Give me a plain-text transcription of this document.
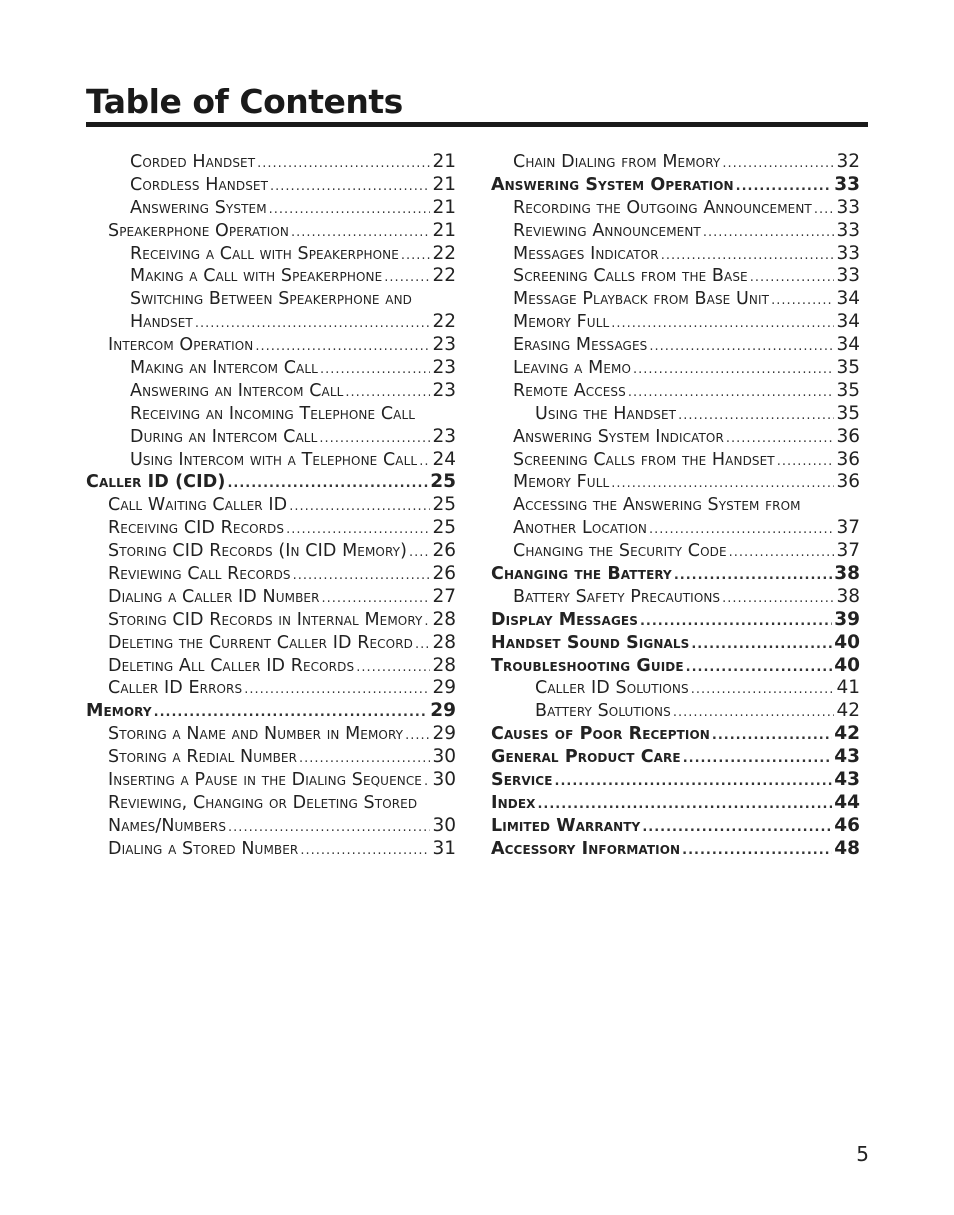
Table of Contents
Corded Handset .....	21
Cordless Handset .....	21
Answering System .....	21
Speakerphone Operation .....	21
Receiving a Call with Speakerphone ..... 22
Making a Call with Speakerphone .....	22
Switching Between Speakerphone and
Handset .....	22
Intercom Operation .....	23
Making an Intercom Call .....	23
Answering an Intercom Call .....	23
Receiving an Incoming Telephone Call
During an Intercom Call .....	23
Using Intercom with a Telephone Call ..... 24
Caller ID (CID) .....	25
Call Waiting Caller ID .....	25
Receiving CID Records .....	25
Storing CID Records (In CID Memory) ..... 26
Reviewing Call Records .....	26
Dialing a Caller ID Number .....	27
Storing CID Records in Internal Memory ..... 28
Deleting the Current Caller ID Record ..... 28
Deleting All Caller ID Records .....	28
Caller ID Errors .....	29
Memory .....	29
Storing a Name and Number in Memory ..... 29
Storing a Redial Number .....	30
Inserting a Pause in the Dialing Sequence ..... 30
Reviewing, Changing or Deleting Stored
Names/Numbers .....	30
Dialing a Stored Number .....	31
Chain Dialing from Memory .....	32
Answering System Operation .....	33
Recording the Outgoing Announcement ..... 33
Reviewing Announcement .....	33
Messages Indicator .....	33
Screening Calls from the Base .....	33
Message Playback from Base Unit .....	34
Memory Full .....	34
Erasing Messages .....	34
Leaving a Memo .....	35
Remote Access .....	35
Using the Handset .....	35
Answering System Indicator .....	36
Screening Calls from the Handset .....	36
Memory Full .....	36
Accessing the Answering System from
Another Location .....	37
Changing the Security Code .....	37
Changing the Battery .....	38
Battery Safety Precautions .....	38
Display Messages .....	39
Handset Sound Signals .....	40
Troubleshooting Guide .....	40
Caller ID Solutions .....	41
Battery Solutions .....	42
Causes of Poor Reception .....	42
General Product Care .....	43
Service .....	43
Index .....	44
Limited Warranty .....	46
Accessory Information .....	48
5
